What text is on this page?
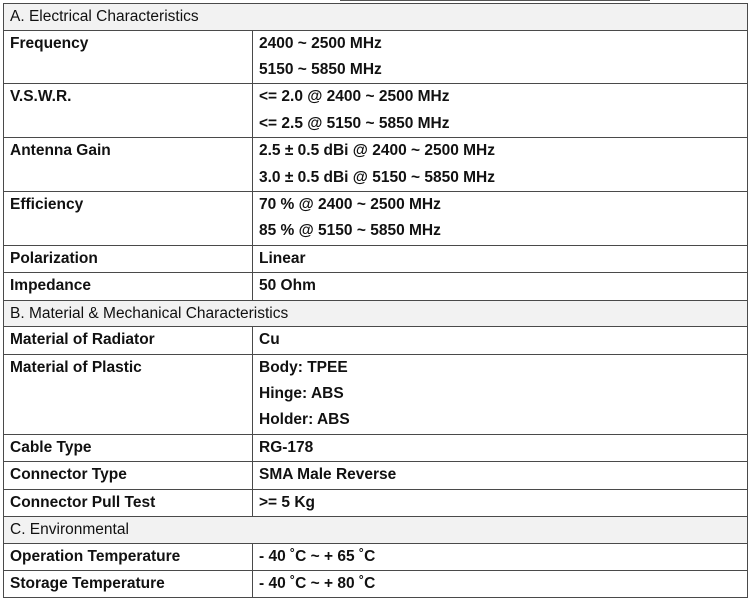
A. Electrical Characteristics	
Frequency	2400 ~ 2500 MHz
5150 ~ 5850 MHz

V.S.W.R.	<= 2.0 @ 2400 ~ 2500 MHz
<= 2.5 @ 5150 ~ 5850 MHz

Antenna Gain	2.5 ± 0.5 dBi @ 2400 ~ 2500 MHz
3.0 ± 0.5 dBi @ 5150 ~ 5850 MHz

Efficiency	70 % @ 2400 ~ 2500 MHz
85 % @ 5150 ~ 5850 MHz

Polarization	Linear

Impedance	50 Ohm

B. Material & Mechanical Characteristics	
Material of Radiator	Cu

Material of Plastic	Body: TPEE
Hinge: ABS
Holder: ABS

Cable Type	RG-178

Connector Type	SMA Male Reverse

Connector Pull Test	>= 5 Kg

C. Environmental	
Operation Temperature	- 40 ˚C ~ + 65 ˚C

Storage Temperature	- 40 ˚C ~ + 80 ˚C
